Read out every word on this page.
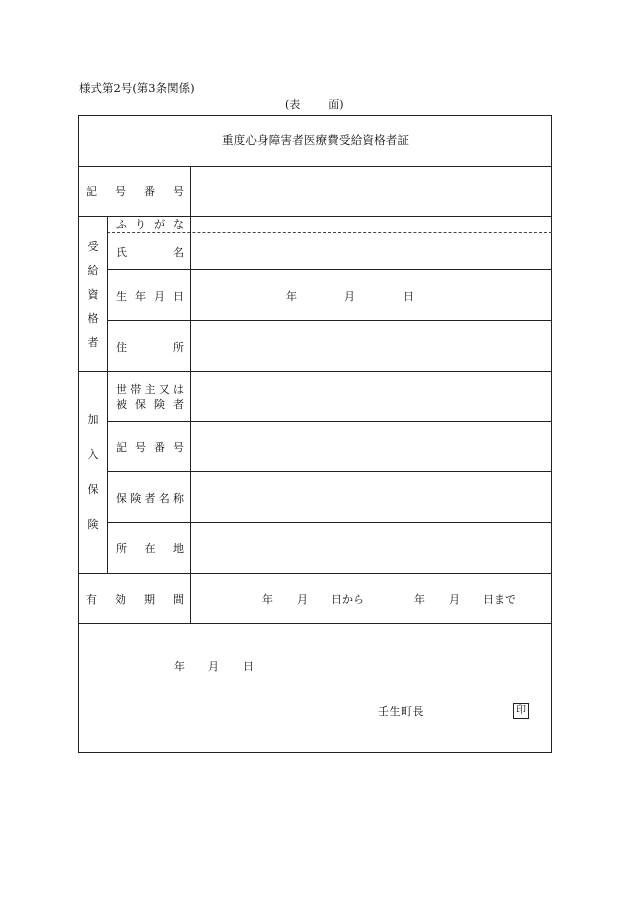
様式第2号(第3条関係)
(表	面)
重度心身障害者医療費受給資格者証
記 号 番 号
受
給
資
格
者
ふ り が な
氏	名
生 年 月 日	年	月	日
住	所
加
入
保
険
世 帯 主 又 は
被 保 険 者
記 号 番 号
保 険 者 名 称
所 在 地
有 効 期 間	年 月 日から	年 月 日まで
年 月 日
壬生町長	印
